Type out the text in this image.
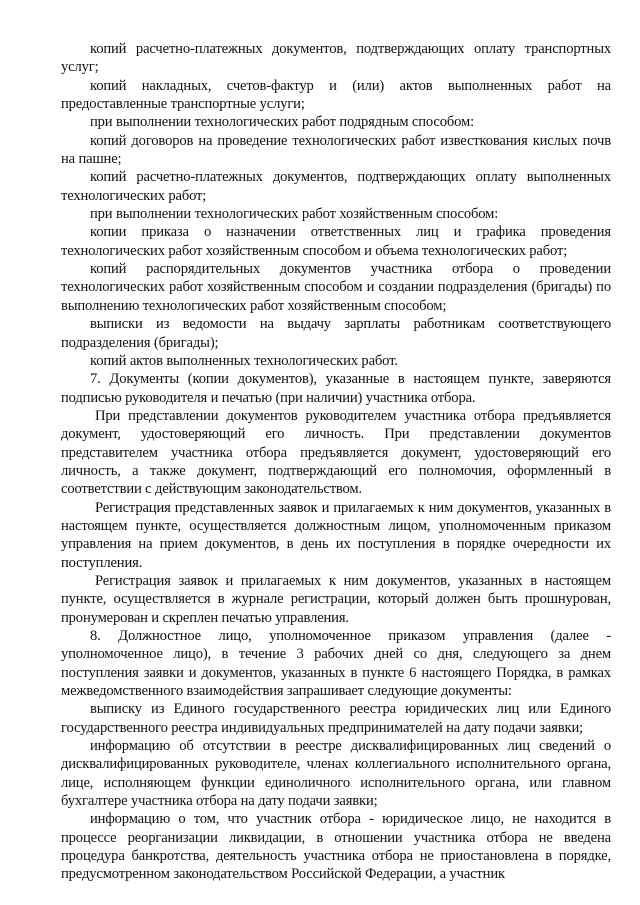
копий расчетно-платежных документов, подтверждающих оплату транспортных услуг;

копий накладных, счетов-фактур и (или) актов выполненных работ на предоставленные транспортные услуги;

при выполнении технологических работ подрядным способом:

копий договоров на проведение технологических работ известкования кислых почв на пашне;

копий расчетно-платежных документов, подтверждающих оплату выполненных технологических работ;

при выполнении технологических работ хозяйственным способом:

копии приказа о назначении ответственных лиц и графика проведения технологических работ хозяйственным способом и объема технологических работ;

копий распорядительных документов участника отбора о проведении технологических работ хозяйственным способом и создании подразделения (бригады) по выполнению технологических работ хозяйственным способом;

выписки из ведомости на выдачу зарплаты работникам соответствующего подразделения (бригады);

копий актов выполненных технологических работ.

7. Документы (копии документов), указанные в настоящем пункте, заверяются подписью руководителя и печатью (при наличии) участника отбора.

При представлении документов руководителем участника отбора предъявляется документ, удостоверяющий его личность. При представлении документов представителем участника отбора предъявляется документ, удостоверяющий его личность, а также документ, подтверждающий его полномочия, оформленный в соответствии с действующим законодательством.

Регистрация представленных заявок и прилагаемых к ним документов, указанных в настоящем пункте, осуществляется должностным лицом, уполномоченным приказом управления на прием документов, в день их поступления в порядке очередности их поступления.

Регистрация заявок и прилагаемых к ним документов, указанных в настоящем пункте, осуществляется в журнале регистрации, который должен быть прошнурован, пронумерован и скреплен печатью управления.

8. Должностное лицо, уполномоченное приказом управления (далее - уполномоченное лицо), в течение 3 рабочих дней со дня, следующего за днем поступления заявки и документов, указанных в пункте 6 настоящего Порядка, в рамках межведомственного взаимодействия запрашивает следующие документы:

выписку из Единого государственного реестра юридических лиц или Единого государственного реестра индивидуальных предпринимателей на дату подачи заявки;

информацию об отсутствии в реестре дисквалифицированных лиц сведений о дисквалифицированных руководителе, членах коллегиального исполнительного органа, лице, исполняющем функции единоличного исполнительного органа, или главном бухгалтере участника отбора на дату подачи заявки;

информацию о том, что участник отбора - юридическое лицо, не находится в процессе реорганизации ликвидации, в отношении участника отбора не введена процедура банкротства, деятельность участника отбора не приостановлена в порядке, предусмотренном законодательством Российской Федерации, а участник
